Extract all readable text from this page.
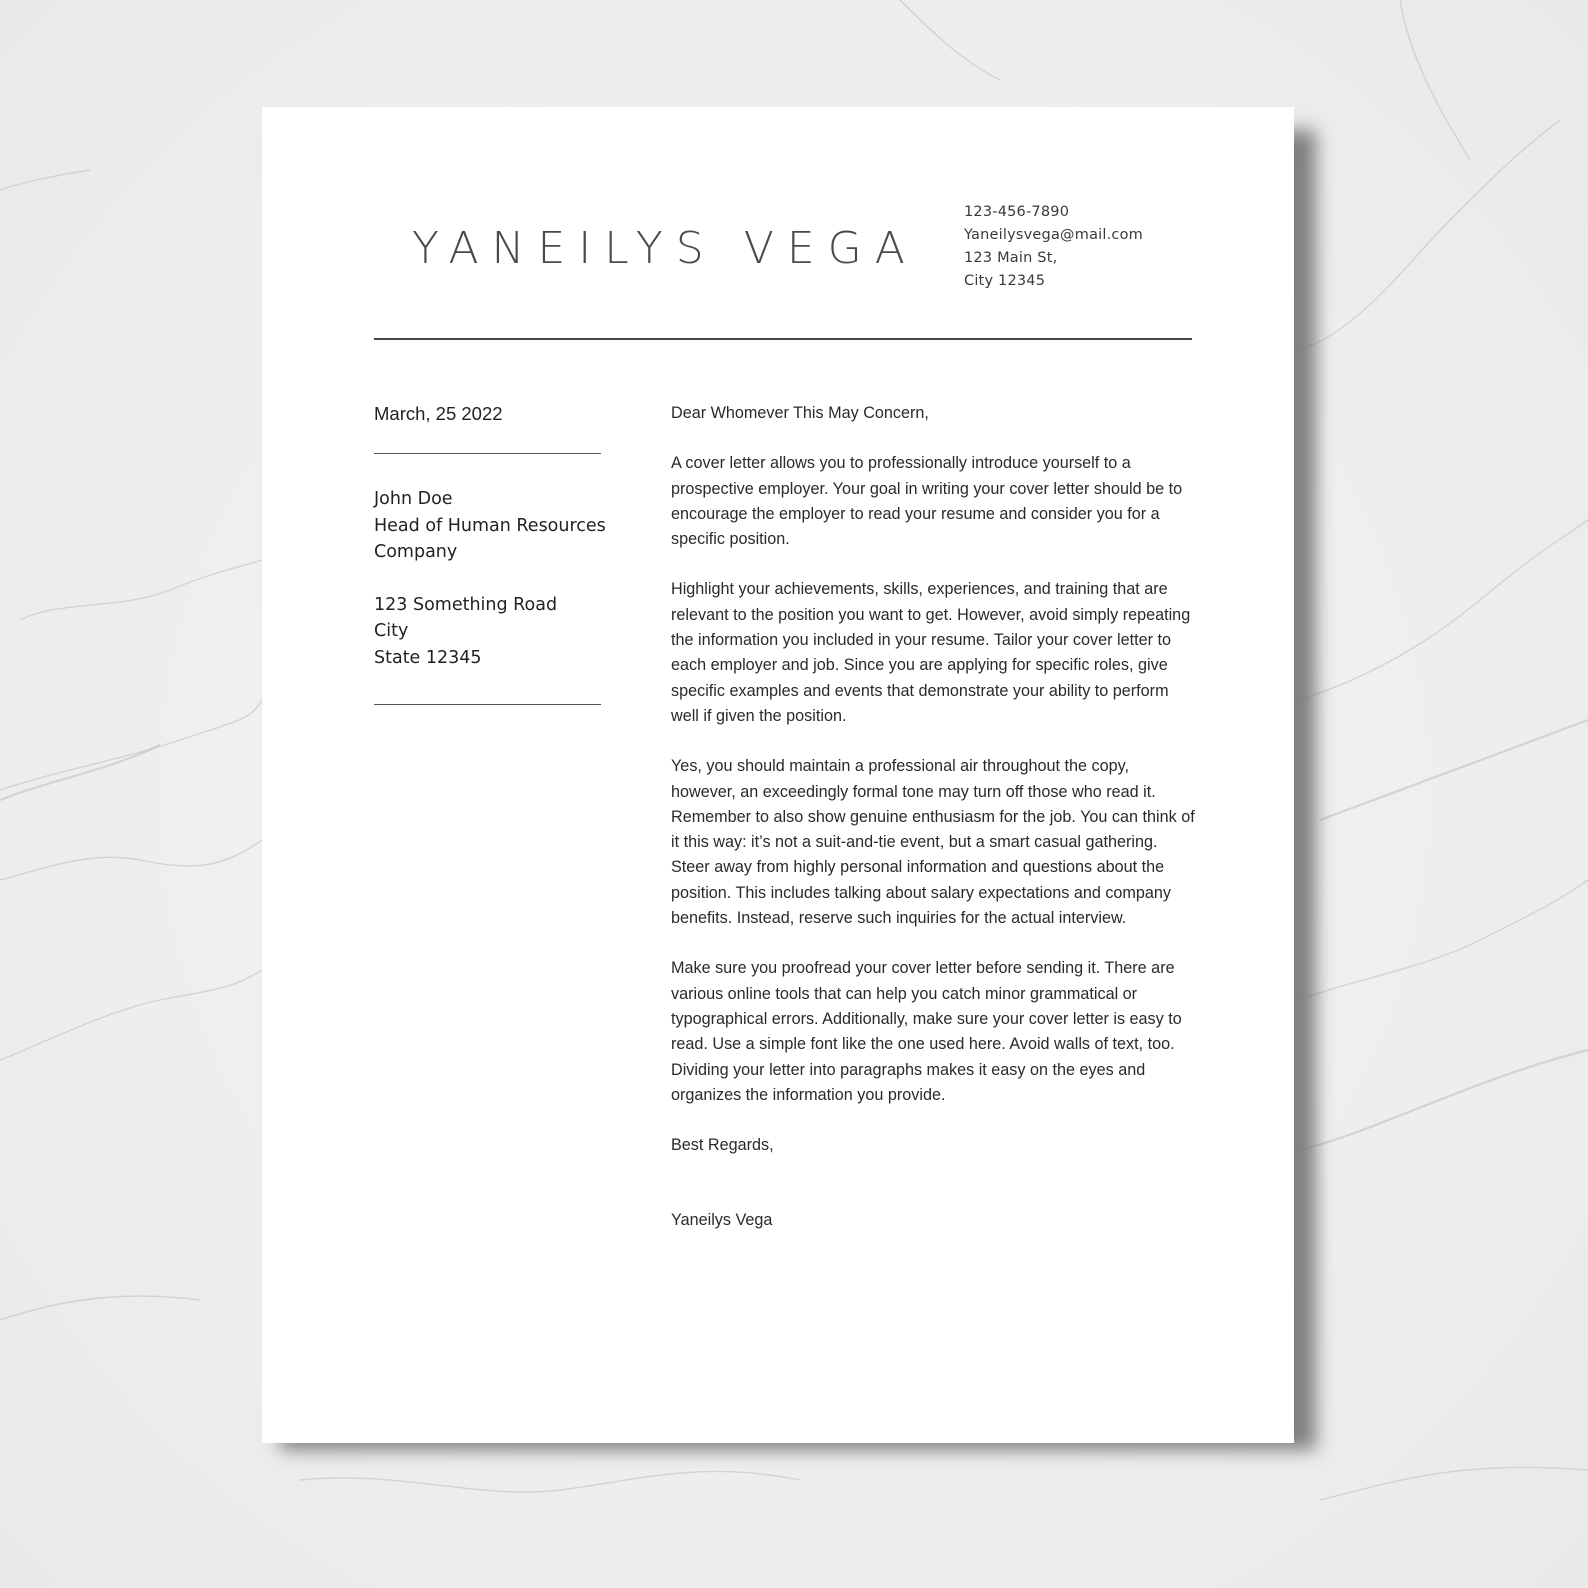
YANEILYS VEGA
123-456-7890
Yaneilysvega@mail.com
123 Main St,
City 12345
March, 25 2022
John Doe
Head of Human Resources
Company
123 Something Road
City
State 12345

Dear Whomever This May Concern,

A cover letter allows you to professionally introduce yourself to a prospective employer. Your goal in writing your cover letter should be to encourage the employer to read your resume and consider you for a specific position.

Highlight your achievements, skills, experiences, and training that are relevant to the position you want to get. However, avoid simply repeating the information you included in your resume. Tailor your cover letter to each employer and job. Since you are applying for specific roles, give specific examples and events that demonstrate your ability to perform well if given the position.

Yes, you should maintain a professional air throughout the copy, however, an exceedingly formal tone may turn off those who read it. Remember to also show genuine enthusiasm for the job. You can think of it this way: it’s not a suit-and-tie event, but a smart casual gathering. Steer away from highly personal information and questions about the position. This includes talking about salary expectations and company benefits. Instead, reserve such inquiries for the actual interview.

Make sure you proofread your cover letter before sending it. There are various online tools that can help you catch minor grammatical or typographical errors. Additionally, make sure your cover letter is easy to read. Use a simple font like the one used here. Avoid walls of text, too. Dividing your letter into paragraphs makes it easy on the eyes and organizes the information you provide.

Best Regards,

Yaneilys Vega
